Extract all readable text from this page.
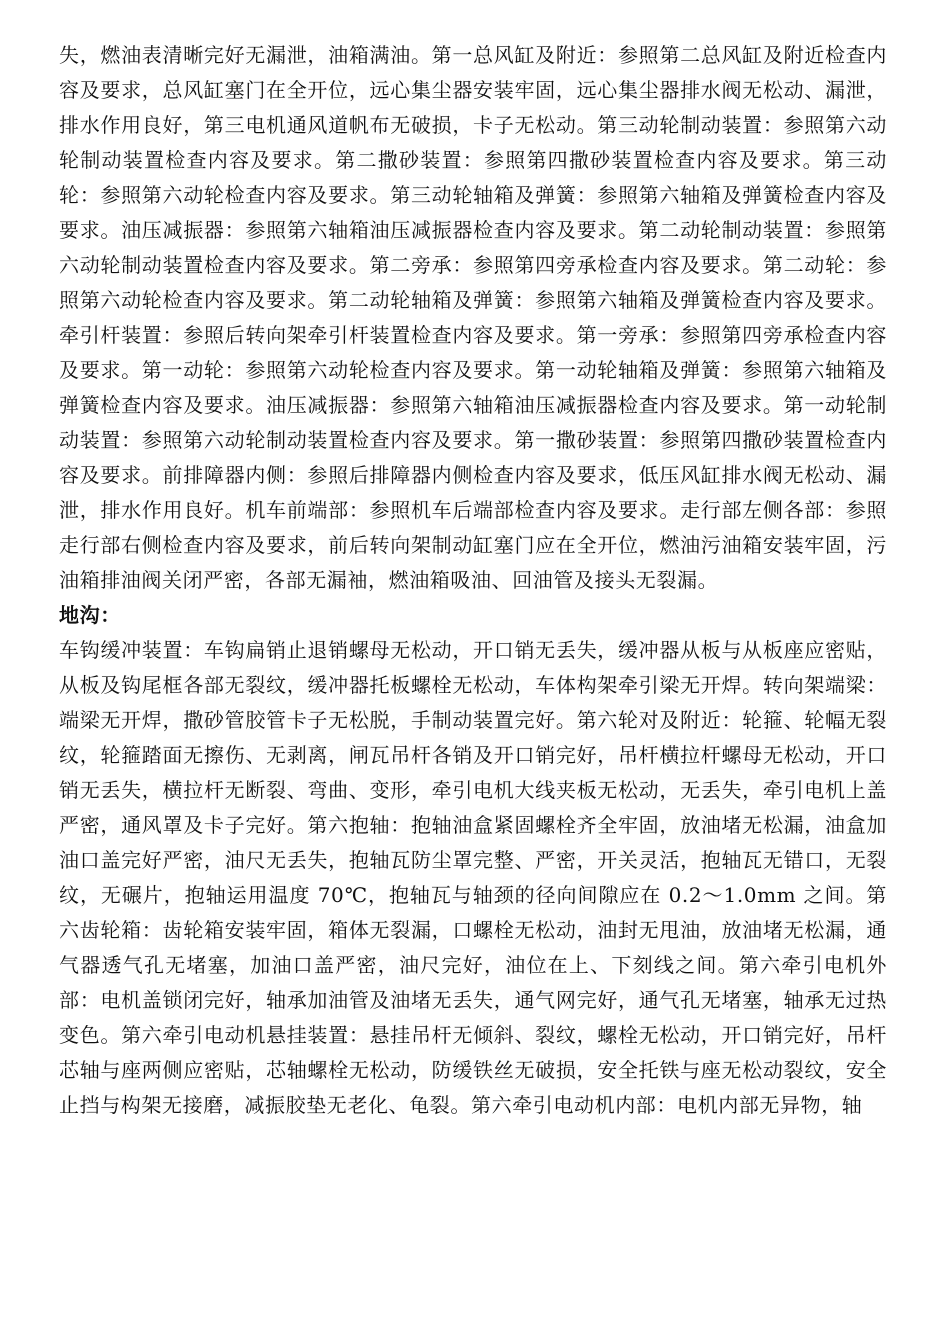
失，燃油表清晰完好无漏泄，油箱满油。第一总风缸及附近：参照第二总风缸及附近检查内容及要求，总风缸塞门在全开位，远心集尘器安装牢固，远心集尘器排水阀无松动、漏泄，排水作用良好，第三电机通风道帆布无破损，卡子无松动。第三动轮制动装置：参照第六动轮制动装置检查内容及要求。第二撒砂装置：参照第四撒砂装置检查内容及要求。第三动轮：参照第六动轮检查内容及要求。第三动轮轴箱及弹簧：参照第六轴箱及弹簧检查内容及要求。油压减振器：参照第六轴箱油压减振器检查内容及要求。第二动轮制动装置：参照第六动轮制动装置检查内容及要求。第二旁承：参照第四旁承检查内容及要求。第二动轮：参照第六动轮检查内容及要求。第二动轮轴箱及弹簧：参照第六轴箱及弹簧检查内容及要求。牵引杆装置：参照后转向架牵引杆装置检查内容及要求。第一旁承：参照第四旁承检查内容及要求。第一动轮：参照第六动轮检查内容及要求。第一动轮轴箱及弹簧：参照第六轴箱及弹簧检查内容及要求。油压减振器：参照第六轴箱油压减振器检查内容及要求。第一动轮制动装置：参照第六动轮制动装置检查内容及要求。第一撒砂装置：参照第四撒砂装置检查内容及要求。前排障器内侧：参照后排障器内侧检查内容及要求，低压风缸排水阀无松动、漏泄，排水作用良好。机车前端部：参照机车后端部检查内容及要求。走行部左侧各部：参照走行部右侧检查内容及要求，前后转向架制动缸塞门应在全开位，燃油污油箱安装牢固，污油箱排油阀关闭严密，各部无漏袖，燃油箱吸油、回油管及接头无裂漏。

地沟：

车钩缓冲装置：车钩扁销止退销螺母无松动，开口销无丢失，缓冲器从板与从板座应密贴，从板及钩尾框各部无裂纹，缓冲器托板螺栓无松动，车体构架牵引梁无开焊。转向架端梁：端梁无开焊，撒砂管胶管卡子无松脱，手制动装置完好。第六轮对及附近：轮箍、轮幅无裂纹，轮箍踏面无擦伤、无剥离，闸瓦吊杆各销及开口销完好，吊杆横拉杆螺母无松动，开口销无丢失，横拉杆无断裂、弯曲、变形，牵引电机大线夹板无松动，无丢失，牵引电机上盖严密，通风罩及卡子完好。第六抱轴：抱轴油盒紧固螺栓齐全牢固，放油堵无松漏，油盒加油口盖完好严密，油尺无丢失，抱轴瓦防尘罩完整、严密，开关灵活，抱轴瓦无错口，无裂纹，无碾片，抱轴运用温度 70℃，抱轴瓦与轴颈的径向间隙应在 0.2～1.0mm 之间。第六齿轮箱：齿轮箱安装牢固，箱体无裂漏，口螺栓无松动，油封无甩油，放油堵无松漏，通气器透气孔无堵塞，加油口盖严密，油尺完好，油位在上、下刻线之间。第六牵引电机外部：电机盖锁闭完好，轴承加油管及油堵无丢失，通气网完好，通气孔无堵塞，轴承无过热变色。第六牵引电动机悬挂装置：悬挂吊杆无倾斜、裂纹，螺栓无松动，开口销完好，吊杆芯轴与座两侧应密贴，芯轴螺栓无松动，防缓铁丝无破损，安全托铁与座无松动裂纹，安全止挡与构架无接磨，减振胶垫无老化、龟裂。第六牵引电动机内部：电机内部无异物，轴
